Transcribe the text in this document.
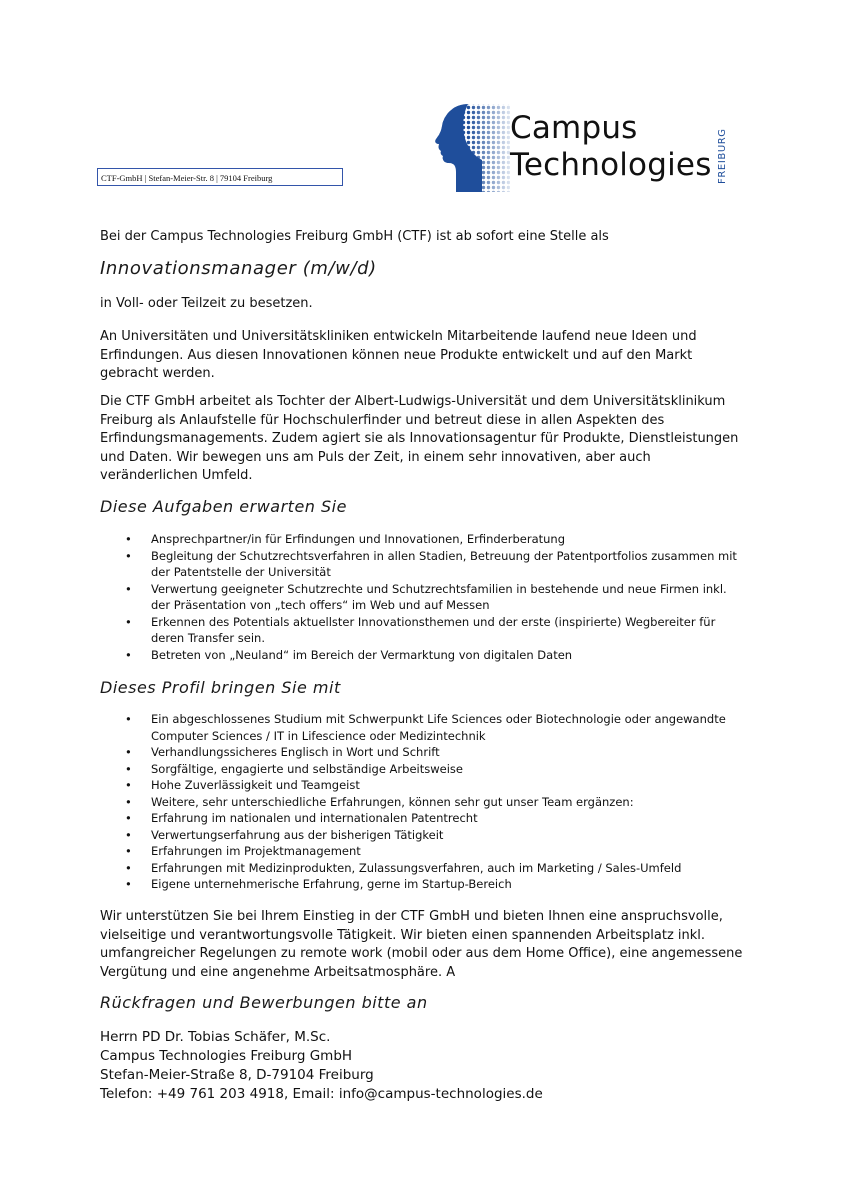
CTF-GmbH | Stefan-Meier-Str. 8 | 79104 Freiburg
Campus
Technologies FREIBURG

Bei der Campus Technologies Freiburg GmbH (CTF) ist ab sofort eine Stelle als

Innovationsmanager (m/w/d)

in Voll- oder Teilzeit zu besetzen.

An Universitäten und Universitätskliniken entwickeln Mitarbeitende laufend neue Ideen und Erfindungen. Aus diesen Innovationen können neue Produkte entwickelt und auf den Markt gebracht werden.

Die CTF GmbH arbeitet als Tochter der Albert-Ludwigs-Universität und dem Universitätsklinikum Freiburg als Anlaufstelle für Hochschulerfinder und betreut diese in allen Aspekten des Erfindungsmanagements. Zudem agiert sie als Innovationsagentur für Produkte, Dienstleistungen und Daten. Wir bewegen uns am Puls der Zeit, in einem sehr innovativen, aber auch veränderlichen Umfeld.

Diese Aufgaben erwarten Sie
• Ansprechpartner/in für Erfindungen und Innovationen, Erfinderberatung
• Begleitung der Schutzrechtsverfahren in allen Stadien, Betreuung der Patentportfolios zusammen mit der Patentstelle der Universität
• Verwertung geeigneter Schutzrechte und Schutzrechtsfamilien in bestehende und neue Firmen inkl. der Präsentation von „tech offers“ im Web und auf Messen
• Erkennen des Potentials aktuellster Innovationsthemen und der erste (inspirierte) Wegbereiter für deren Transfer sein.
• Betreten von „Neuland“ im Bereich der Vermarktung von digitalen Daten
Dieses Profil bringen Sie mit
• Ein abgeschlossenes Studium mit Schwerpunkt Life Sciences oder Biotechnologie oder angewandte Computer Sciences / IT in Lifescience oder Medizintechnik
• Verhandlungssicheres Englisch in Wort und Schrift
• Sorgfältige, engagierte und selbständige Arbeitsweise
• Hohe Zuverlässigkeit und Teamgeist
• Weitere, sehr unterschiedliche Erfahrungen, können sehr gut unser Team ergänzen:
• Erfahrung im nationalen und internationalen Patentrecht
• Verwertungserfahrung aus der bisherigen Tätigkeit
• Erfahrungen im Projektmanagement
• Erfahrungen mit Medizinprodukten, Zulassungsverfahren, auch im Marketing / Sales-Umfeld
• Eigene unternehmerische Erfahrung, gerne im Startup-Bereich

Wir unterstützen Sie bei Ihrem Einstieg in der CTF GmbH und bieten Ihnen eine anspruchsvolle, vielseitige und verantwortungsvolle Tätigkeit. Wir bieten einen spannenden Arbeitsplatz inkl. umfangreicher Regelungen zu remote work (mobil oder aus dem Home Office), eine angemessene Vergütung und eine angenehme Arbeitsatmosphäre. A

Rückfragen und Bewerbungen bitte an

Herrn PD Dr. Tobias Schäfer, M.Sc.

Campus Technologies Freiburg GmbH

Stefan-Meier-Straße 8, D-79104 Freiburg

Telefon: +49 761 203 4918, Email: info@campus-technologies.de
